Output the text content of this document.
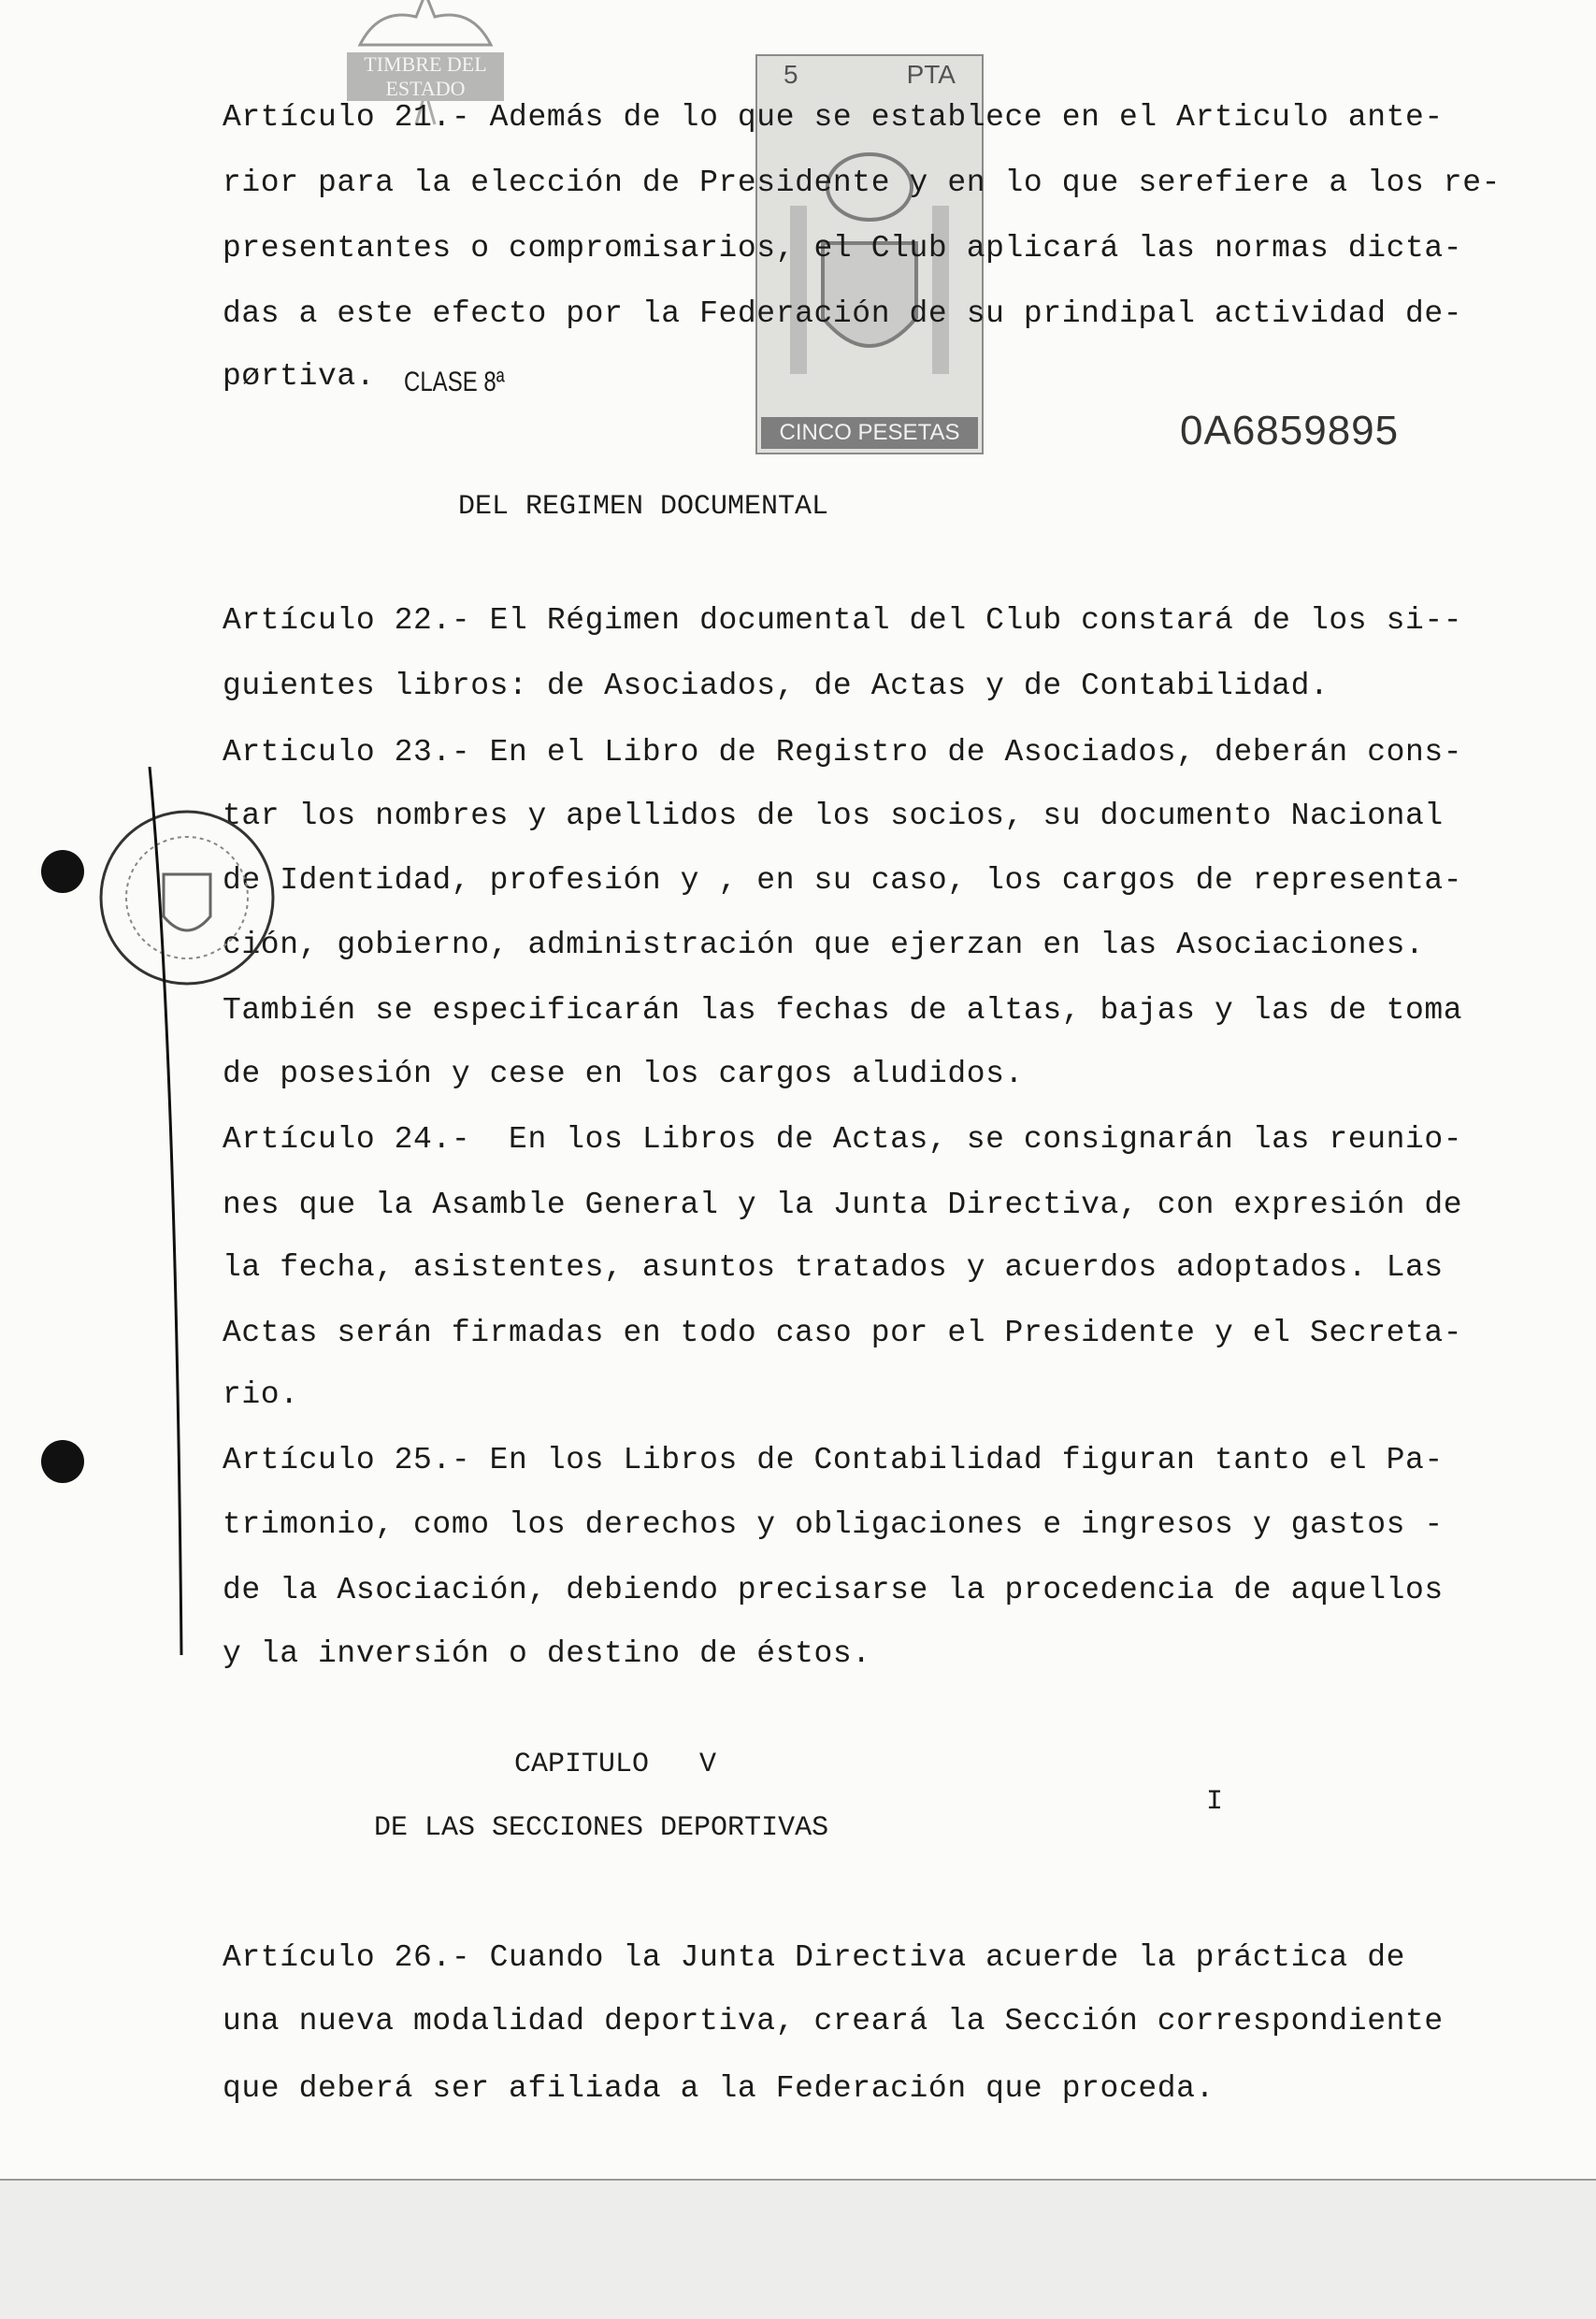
TIMBRE DEL ESTADO	5	PTA
CINCO PESETAS	0A6859895
Artículo 21.- Además de lo que se establece en el Articulo ante-
rior para la elección de Presidente y en lo que serefiere a los re-
presentantes o compromisarios, el Club aplicará las normas dicta-
das a este efecto por la Federación de su prindipal actividad de-
pørtiva. CLASE 8ª
DEL REGIMEN DOCUMENTAL
Artículo 22.- El Régimen documental del Club constará de los si--
guientes libros: de Asociados, de Actas y de Contabilidad.
Articulo 23.- En el Libro de Registro de Asociados, deberán cons-
tar los nombres y apellidos de los socios, su documento Nacional
de Identidad, profesión y , en su caso, los cargos de representa-
ción, gobierno, administración que ejerzan en las Asociaciones.
También se especificarán las fechas de altas, bajas y las de toma
de posesión y cese en los cargos aludidos.
Artículo 24.-  En los Libros de Actas, se consignarán las reunio-
nes que la Asamble General y la Junta Directiva, con expresión de
la fecha, asistentes, asuntos tratados y acuerdos adoptados. Las
Actas serán firmadas en todo caso por el Presidente y el Secreta-
rio.
Artículo 25.- En los Libros de Contabilidad figuran tanto el Pa-
trimonio, como los derechos y obligaciones e ingresos y gastos -
de la Asociación, debiendo precisarse la procedencia de aquellos
y la inversión o destino de éstos.
CAPITULO   V
DE LAS SECCIONES DEPORTIVAS
I
Artículo 26.- Cuando la Junta Directiva acuerde la práctica de
una nueva modalidad deportiva, creará la Sección correspondiente
que deberá ser afiliada a la Federación que proceda.
